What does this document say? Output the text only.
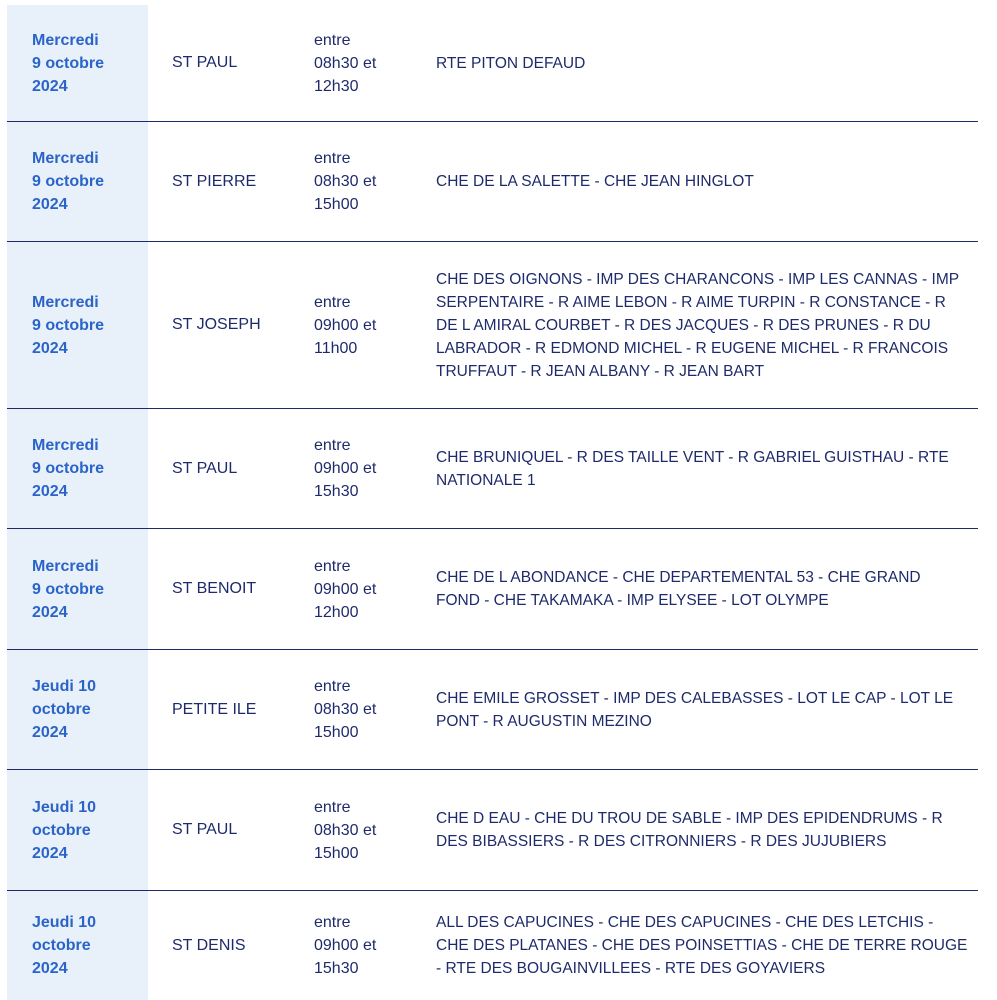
Mercredi
9 octobre
2024
ST PAUL
entre
08h30 et
12h30
RTE PITON DEFAUD
Mercredi
9 octobre
2024
ST PIERRE
entre
08h30 et
15h00
CHE DE LA SALETTE - CHE JEAN HINGLOT
Mercredi
9 octobre
2024
ST JOSEPH
entre
09h00 et
11h00
CHE DES OIGNONS - IMP DES CHARANCONS - IMP LES CANNAS - IMP SERPENTAIRE - R AIME LEBON - R AIME TURPIN - R CONSTANCE - R DE L AMIRAL COURBET - R DES JACQUES - R DES PRUNES - R DU LABRADOR - R EDMOND MICHEL - R EUGENE MICHEL - R FRANCOIS TRUFFAUT - R JEAN ALBANY - R JEAN BART
Mercredi
9 octobre
2024
ST PAUL
entre
09h00 et
15h30
CHE BRUNIQUEL - R DES TAILLE VENT - R GABRIEL GUISTHAU - RTE NATIONALE 1
Mercredi
9 octobre
2024
ST BENOIT
entre
09h00 et
12h00
CHE DE L ABONDANCE - CHE DEPARTEMENTAL 53 - CHE GRAND FOND - CHE TAKAMAKA - IMP ELYSEE - LOT OLYMPE
Jeudi 10
octobre
2024
PETITE ILE
entre
08h30 et
15h00
CHE EMILE GROSSET - IMP DES CALEBASSES - LOT LE CAP - LOT LE PONT - R AUGUSTIN MEZINO
Jeudi 10
octobre
2024
ST PAUL
entre
08h30 et
15h00
CHE D EAU - CHE DU TROU DE SABLE - IMP DES EPIDENDRUMS - R DES BIBASSIERS - R DES CITRONNIERS - R DES JUJUBIERS
Jeudi 10
octobre
2024
ST DENIS
entre
09h00 et
15h30
ALL DES CAPUCINES - CHE DES CAPUCINES - CHE DES LETCHIS - CHE DES PLATANES - CHE DES POINSETTIAS - CHE DE TERRE ROUGE - RTE DES BOUGAINVILLEES - RTE DES GOYAVIERS
